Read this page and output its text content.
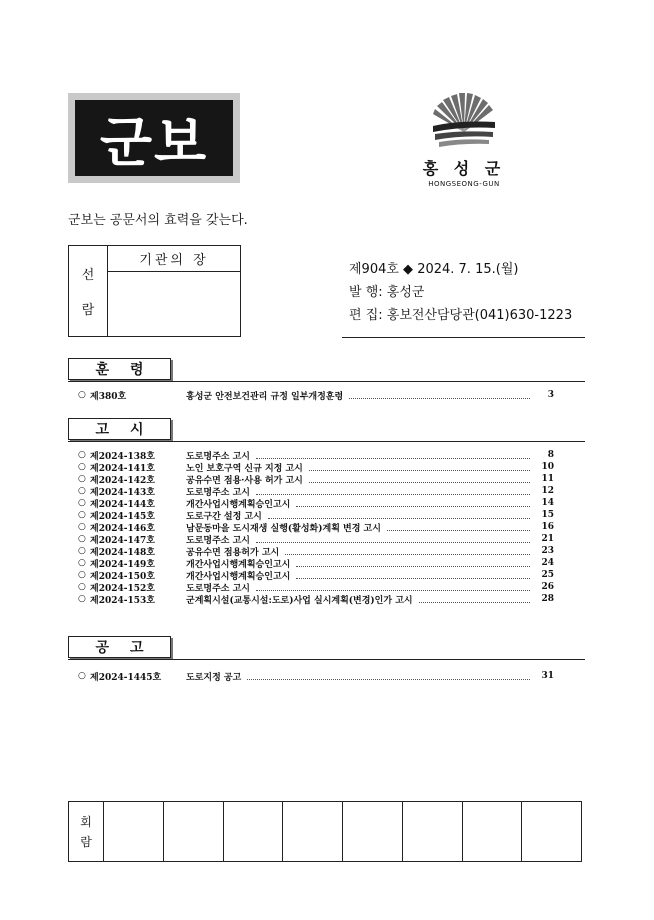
군보	홍 성 군
HONGSEONG-GUN
군보는 공문서의 효력을 갖는다.
선
람
기관의 장
제904호 ◆ 2024. 7. 15.(월)
발 행: 홍성군
편 집: 홍보전산담당관(041)630-1223
훈 령
○ 제380호	홍성군 안전보건관리 규정 일부개정훈령	3
고 시
○ 제2024-138호	도로명주소 고시	8
○ 제2024-141호	노인 보호구역 신규 지정 고시	10
○ 제2024-142호	공유수면 점용·사용 허가 고시	11
○ 제2024-143호	도로명주소 고시	12
○ 제2024-144호	개간사업시행계획승인고시	14
○ 제2024-145호	도로구간 설정 고시	15
○ 제2024-146호	남문동마을 도시재생 실행(활성화)계획 변경 고시	16
○ 제2024-147호	도로명주소 고시	21
○ 제2024-148호	공유수면 점용허가 고시	23
○ 제2024-149호	개간사업시행계획승인고시	24
○ 제2024-150호	개간사업시행계획승인고시	25
○ 제2024-152호	도로명주소 고시	26
○ 제2024-153호	군계획시설(교통시설:도로)사업 실시계획(변경)인가 고시	28
공 고
○ 제2024-1445호	도로지정 공고	31
회
람
